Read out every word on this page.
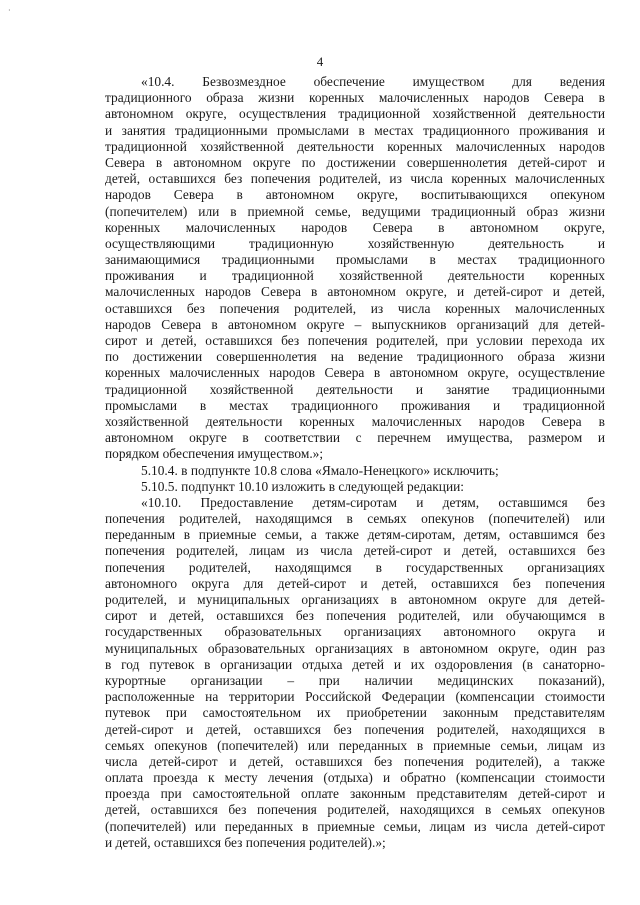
·
4
«10.4. Безвозмездное обеспечение имуществом для ведения
традиционного образа жизни коренных малочисленных народов Севера в
автономном округе, осуществления традиционной хозяйственной деятельности
и занятия традиционными промыслами в местах традиционного проживания и
традиционной хозяйственной деятельности коренных малочисленных народов
Севера в автономном округе по достижении совершеннолетия детей-сирот и
детей, оставшихся без попечения родителей, из числа коренных малочисленных
народов Севера в автономном округе, воспитывающихся опекуном
(попечителем) или в приемной семье, ведущими традиционный образ жизни
коренных малочисленных народов Севера в автономном округе,
осуществляющими традиционную хозяйственную деятельность и
занимающимися традиционными промыслами в местах традиционного
проживания и традиционной хозяйственной деятельности коренных
малочисленных народов Севера в автономном округе, и детей-сирот и детей,
оставшихся без попечения родителей, из числа коренных малочисленных
народов Севера в автономном округе – выпускников организаций для детей-
сирот и детей, оставшихся без попечения родителей, при условии перехода их
по достижении совершеннолетия на ведение традиционного образа жизни
коренных малочисленных народов Севера в автономном округе, осуществление
традиционной хозяйственной деятельности и занятие традиционными
промыслами в местах традиционного проживания и традиционной
хозяйственной деятельности коренных малочисленных народов Севера в
автономном округе в соответствии с перечнем имущества, размером и
порядком обеспечения имуществом.»;
5.10.4. в подпункте 10.8 слова «Ямало-Ненецкого» исключить;
5.10.5. подпункт 10.10 изложить в следующей редакции:
«10.10. Предоставление детям-сиротам и детям, оставшимся без
попечения родителей, находящимся в семьях опекунов (попечителей) или
переданным в приемные семьи, а также детям-сиротам, детям, оставшимся без
попечения родителей, лицам из числа детей-сирот и детей, оставшихся без
попечения родителей, находящимся в государственных организациях
автономного округа для детей-сирот и детей, оставшихся без попечения
родителей, и муниципальных организациях в автономном округе для детей-
сирот и детей, оставшихся без попечения родителей, или обучающимся в
государственных образовательных организациях автономного округа и
муниципальных образовательных организациях в автономном округе, один раз
в год путевок в организации отдыха детей и их оздоровления (в санаторно-
курортные организации – при наличии медицинских показаний),
расположенные на территории Российской Федерации (компенсации стоимости
путевок при самостоятельном их приобретении законным представителям
детей-сирот и детей, оставшихся без попечения родителей, находящихся в
семьях опекунов (попечителей) или переданных в приемные семьи, лицам из
числа детей-сирот и детей, оставшихся без попечения родителей), а также
оплата проезда к месту лечения (отдыха) и обратно (компенсации стоимости
проезда при самостоятельной оплате законным представителям детей-сирот и
детей, оставшихся без попечения родителей, находящихся в семьях опекунов
(попечителей) или переданных в приемные семьи, лицам из числа детей-сирот
и детей, оставшихся без попечения родителей).»;
